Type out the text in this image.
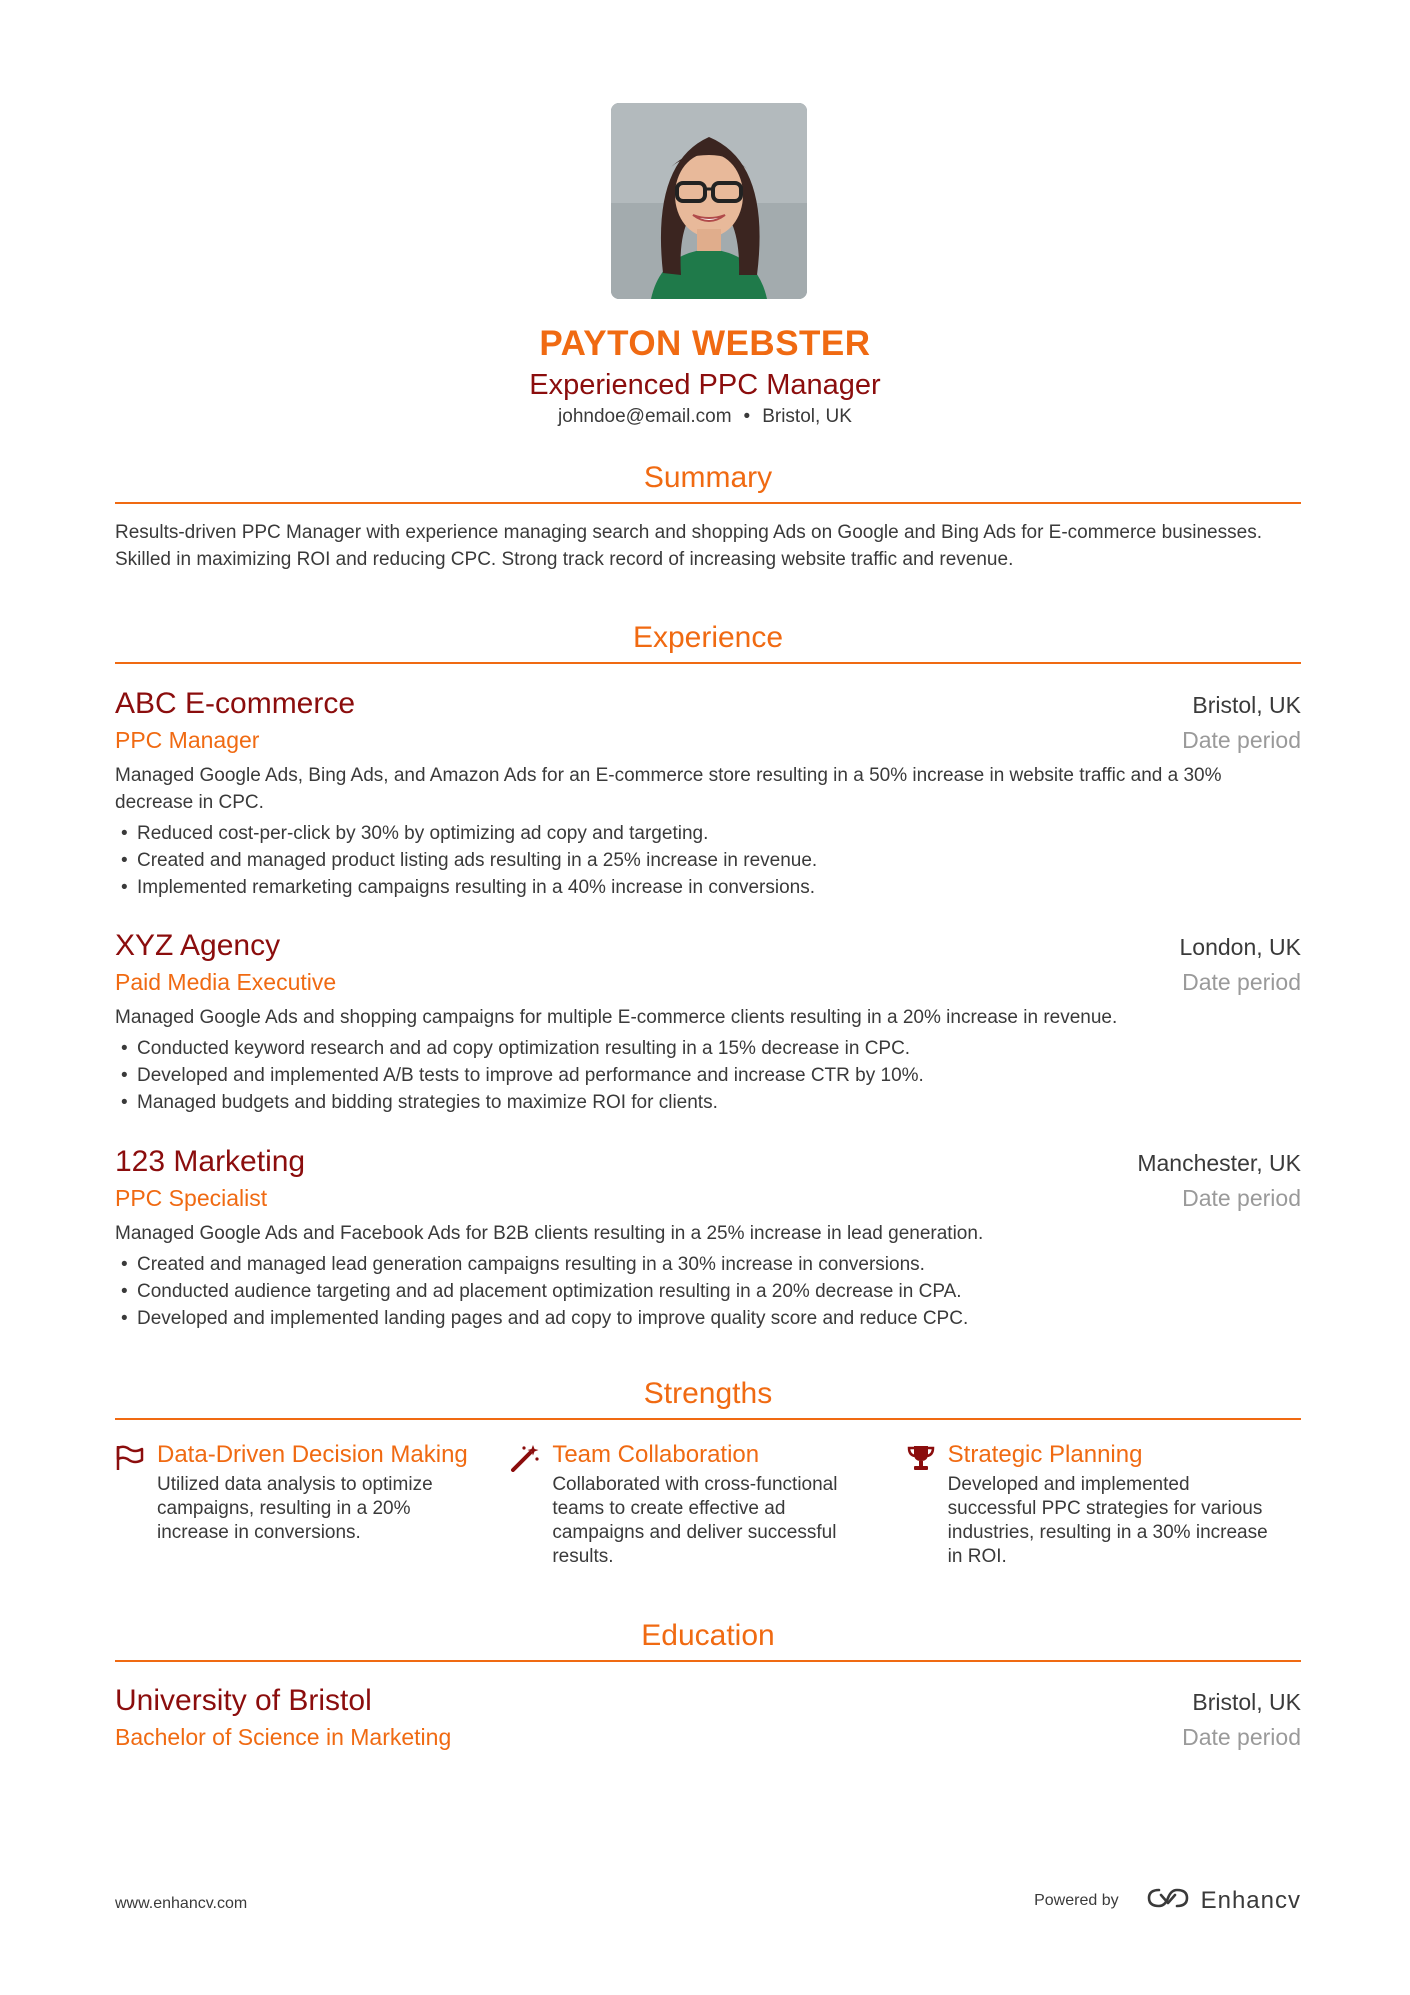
PAYTON WEBSTER
Experienced PPC Manager
johndoe@email.com • Bristol, UK
Summary
Results-driven PPC Manager with experience managing search and shopping Ads on Google and Bing Ads for E-commerce businesses. Skilled in maximizing ROI and reducing CPC. Strong track record of increasing website traffic and revenue.
Experience
ABC E-commerce	Bristol, UK
PPC Manager	Date period
Managed Google Ads, Bing Ads, and Amazon Ads for an E-commerce store resulting in a 50% increase in website traffic and a 30% decrease in CPC.
• Reduced cost-per-click by 30% by optimizing ad copy and targeting.
• Created and managed product listing ads resulting in a 25% increase in revenue.
• Implemented remarketing campaigns resulting in a 40% increase in conversions.
XYZ Agency	London, UK
Paid Media Executive	Date period
Managed Google Ads and shopping campaigns for multiple E-commerce clients resulting in a 20% increase in revenue.
• Conducted keyword research and ad copy optimization resulting in a 15% decrease in CPC.
• Developed and implemented A/B tests to improve ad performance and increase CTR by 10%.
• Managed budgets and bidding strategies to maximize ROI for clients.
123 Marketing	Manchester, UK
PPC Specialist	Date period
Managed Google Ads and Facebook Ads for B2B clients resulting in a 25% increase in lead generation.
• Created and managed lead generation campaigns resulting in a 30% increase in conversions.
• Conducted audience targeting and ad placement optimization resulting in a 20% decrease in CPA.
• Developed and implemented landing pages and ad copy to improve quality score and reduce CPC.
Strengths
Data-Driven Decision Making
Utilized data analysis to optimize campaigns, resulting in a 20% increase in conversions.
Team Collaboration
Collaborated with cross-functional teams to create effective ad campaigns and deliver successful results.
Strategic Planning
Developed and implemented successful PPC strategies for various industries, resulting in a 30% increase in ROI.
Education
University of Bristol	Bristol, UK
Bachelor of Science in Marketing	Date period
www.enhancv.com	Powered by	Enhancv
